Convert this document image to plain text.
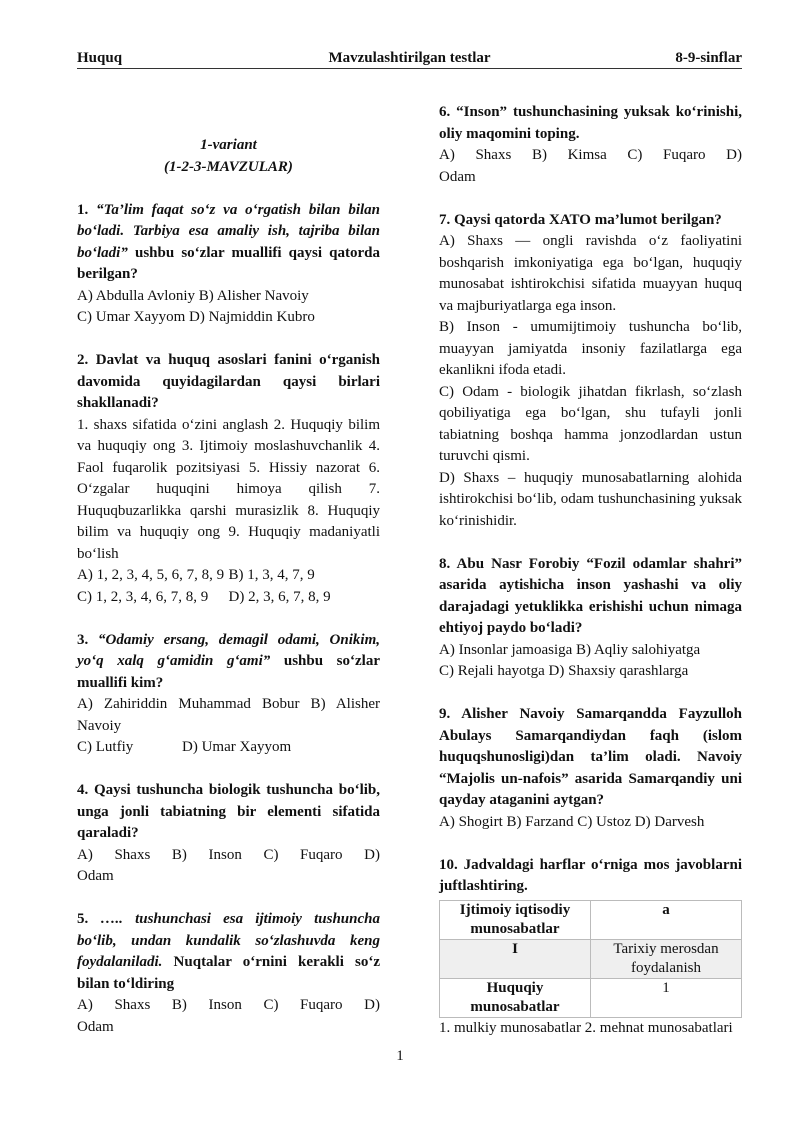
Huquq	Mavzulashtirilgan testlar	8-9-sinflar

1-variant

(1-2-3-MAVZULAR)

1. “Ta’lim faqat so‘z va o‘rgatish bilan bilan bo‘ladi. Tarbiya esa amaliy ish, tajriba bilan bo‘ladi” ushbu so‘zlar muallifi qaysi qatorda berilgan?

A) Abdulla Avloniy B) Alisher Navoiy

C) Umar Xayyom D) Najmiddin Kubro

2. Davlat va huquq asoslari fanini o‘rganish davomida quyidagilardan qaysi birlari shakllanadi?

1. shaxs sifatida o‘zini anglash 2. Huquqiy bilim va huquqiy ong 3. Ijtimoiy moslashuvchanlik 4. Faol fuqarolik pozitsiyasi 5. Hissiy nazorat 6. O‘zgalar huquqini himoya qilish 7. Huquqbuzarlikka qarshi murasizlik 8. Huquqiy bilim va huquqiy ong 9. Huquqiy madaniyatli bo‘lish

A) 1, 2, 3, 4, 5, 6, 7, 8, 9 B) 1, 3, 4, 7, 9
C) 1, 2, 3, 4, 6, 7, 8, 9	D) 2, 3, 6, 7, 8, 9

3. “Odamiy ersang, demagil odami, Onikim, yo‘q xalq g‘amidin g‘ami” ushbu so‘zlar muallifi kim?

A) Zahiriddin Muhammad Bobur B) Alisher Navoiy

C) Lutfiy	D) Umar Xayyom

4. Qaysi tushuncha biologik tushuncha bo‘lib, unga jonli tabiatning bir elementi sifatida qaraladi?

A) Shaxs B) Inson C) Fuqaro D) Odam

5. ….. tushunchasi esa ijtimoiy tushuncha bo‘lib, undan kundalik so‘zlashuvda keng foydalaniladi. Nuqtalar o‘rnini kerakli so‘z bilan to‘ldiring

A) Shaxs B) Inson C) Fuqaro D) Odam

6. “Inson” tushunchasining yuksak ko‘rinishi, oliy maqomini toping.

A) Shaxs B) Kimsa C) Fuqaro D) Odam

7. Qaysi qatorda XATO ma’lumot berilgan?

A) Shaxs — ongli ravishda o‘z faoliyatini boshqarish imkoniyatiga ega bo‘lgan, huquqiy munosabat ishtirokchisi sifatida muayyan huquq va majburiyatlarga ega inson.

B) Inson - umumijtimoiy tushuncha bo‘lib, muayyan jamiyatda insoniy fazilatlarga ega ekanlikni ifoda etadi.

C) Odam - biologik jihatdan fikrlash, so‘zlash qobiliyatiga ega bo‘lgan, shu tufayli jonli tabiatning boshqa hamma jonzodlardan ustun turuvchi qismi.

D) Shaxs – huquqiy munosabatlarning alohida ishtirokchisi bo‘lib, odam tushunchasining yuksak ko‘rinishidir.

8. Abu Nasr Forobiy “Fozil odamlar shahri” asarida aytishicha inson yashashi va oliy darajadagi yetuklikka erishishi uchun nimaga ehtiyoj paydo bo‘ladi?

A) Insonlar jamoasiga B) Aqliy salohiyatga

C) Rejali hayotga D) Shaxsiy qarashlarga

9. Alisher Navoiy Samarqandda Fayzulloh Abulays Samarqandiydan faqh (islom huquqshunosligi)dan ta’lim oladi. Navoiy “Majolis un-nafois” asarida Samarqandiy uni qayday ataganini aytgan?

A) Shogirt B) Farzand C) Ustoz D) Darvesh

10. Jadvaldagi harflar o‘rniga mos javoblarni juftlashtiring.

Ijtimoiy iqtisodiy munosabatlar	a
I	Tarixiy merosdan foydalanish
Huquqiy munosabatlar	1

1. mulkiy munosabatlar 2. mehnat munosabatlari

1
